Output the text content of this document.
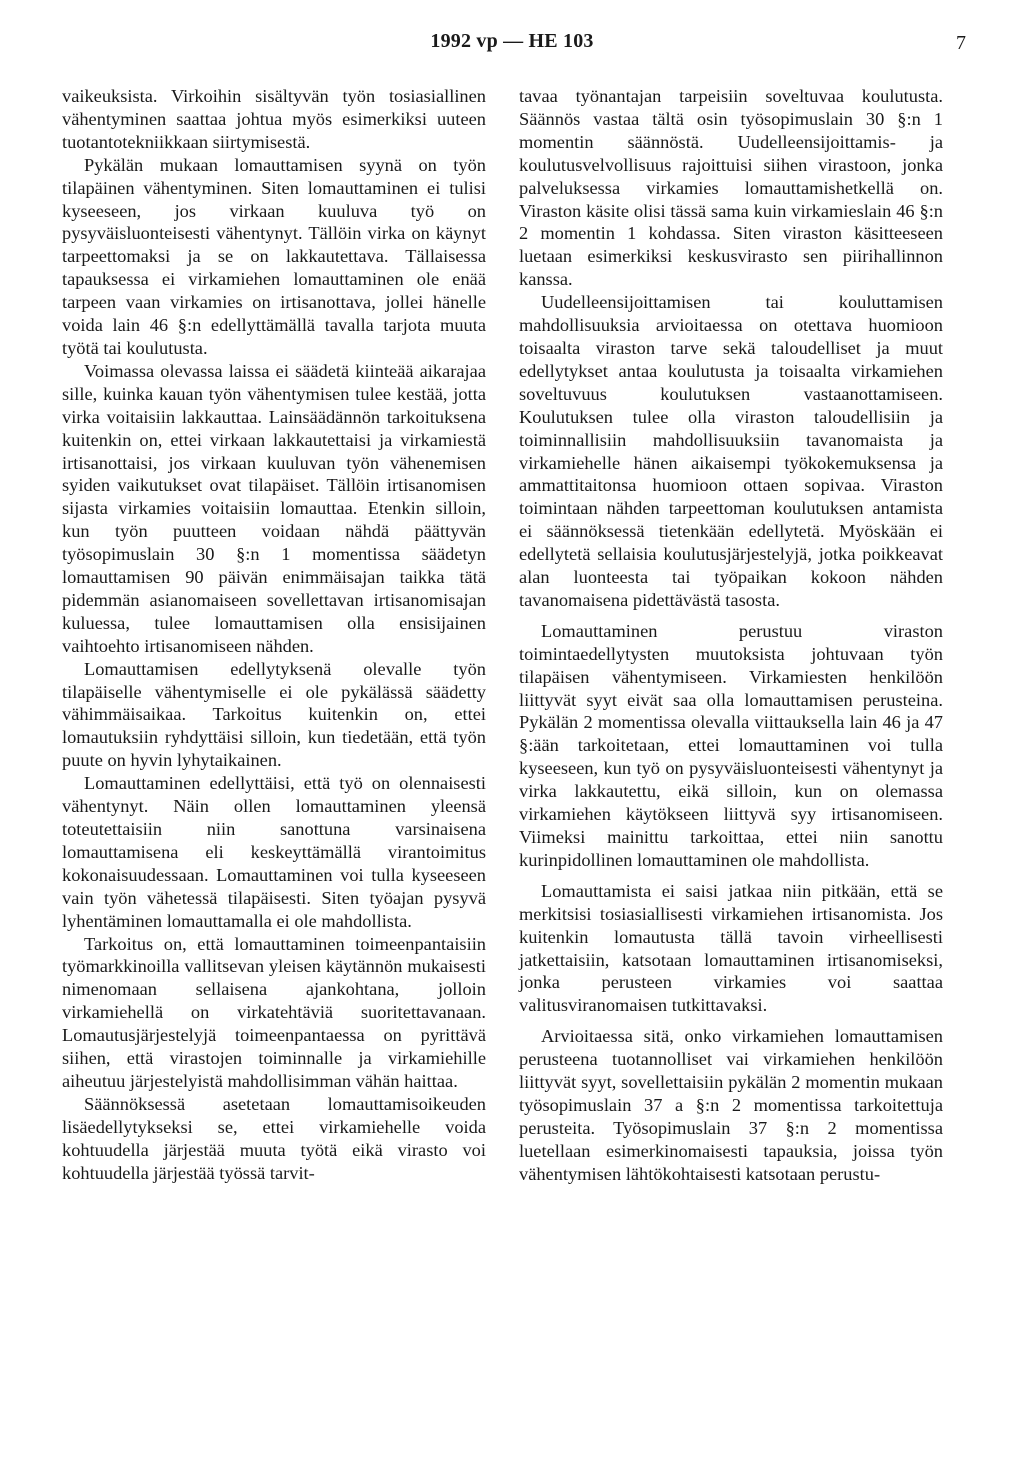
1992 vp — HE 103	7

vaikeuksista. Virkoihin sisältyvän työn tosiasiallinen vähentyminen saattaa johtua myös esimerkiksi uuteen tuotantotekniikkaan siirtymisestä.

Pykälän mukaan lomauttamisen syynä on työn tilapäinen vähentyminen. Siten lomauttaminen ei tulisi kyseeseen, jos virkaan kuuluva työ on pysyväisluonteisesti vähentynyt. Tällöin virka on käynyt tarpeettomaksi ja se on lakkautettava. Tällaisessa tapauksessa ei virkamiehen lomauttaminen ole enää tarpeen vaan virkamies on irtisanottava, jollei hänelle voida lain 46 §:n edellyttämällä tavalla tarjota muuta työtä tai koulutusta.

Voimassa olevassa laissa ei säädetä kiinteää aikarajaa sille, kuinka kauan työn vähentymisen tulee kestää, jotta virka voitaisiin lakkauttaa. Lainsäädännön tarkoituksena kuitenkin on, ettei virkaan lakkautettaisi ja virkamiestä irtisanottaisi, jos virkaan kuuluvan työn vähenemisen syiden vaikutukset ovat tilapäiset. Tällöin irtisanomisen sijasta virkamies voitaisiin lomauttaa. Etenkin silloin, kun työn puutteen voidaan nähdä päättyvän työsopimuslain 30 §:n 1 momentissa säädetyn lomauttamisen 90 päivän enimmäisajan taikka tätä pidemmän asianomaiseen sovellettavan irtisanomisajan kuluessa, tulee lomauttamisen olla ensisijainen vaihtoehto irtisanomiseen nähden.

Lomauttamisen edellytyksenä olevalle työn tilapäiselle vähentymiselle ei ole pykälässä säädetty vähimmäisaikaa. Tarkoitus kuitenkin on, ettei lomautuksiin ryhdyttäisi silloin, kun tiedetään, että työn puute on hyvin lyhytaikainen.

Lomauttaminen edellyttäisi, että työ on olennaisesti vähentynyt. Näin ollen lomauttaminen yleensä toteutettaisiin niin sanottuna varsinaisena lomauttamisena eli keskeyttämällä virantoimitus kokonaisuudessaan. Lomauttaminen voi tulla kyseeseen vain työn vähetessä tilapäisesti. Siten työajan pysyvä lyhentäminen lomauttamalla ei ole mahdollista.

Tarkoitus on, että lomauttaminen toimeenpantaisiin työmarkkinoilla vallitsevan yleisen käytännön mukaisesti nimenomaan sellaisena ajankohtana, jolloin virkamiehellä on virkatehtäviä suoritettavanaan. Lomautusjärjestelyjä toimeenpantaessa on pyrittävä siihen, että virastojen toiminnalle ja virkamiehille aiheutuu järjestelyistä mahdollisimman vähän haittaa.

Säännöksessä asetetaan lomauttamisoikeuden lisäedellytykseksi se, ettei virkamiehelle voida kohtuudella järjestää muuta työtä eikä virasto voi kohtuudella järjestää työssä tarvit-

tavaa työnantajan tarpeisiin soveltuvaa koulutusta. Säännös vastaa tältä osin työsopimuslain 30 §:n 1 momentin säännöstä. Uudelleensijoittamis- ja koulutusvelvollisuus rajoittuisi siihen virastoon, jonka palveluksessa virkamies lomauttamishetkellä on. Viraston käsite olisi tässä sama kuin virkamieslain 46 §:n 2 momentin 1 kohdassa. Siten viraston käsitteeseen luetaan esimerkiksi keskusvirasto sen piirihallinnon kanssa.

Uudelleensijoittamisen tai kouluttamisen mahdollisuuksia arvioitaessa on otettava huomioon toisaalta viraston tarve sekä taloudelliset ja muut edellytykset antaa koulutusta ja toisaalta virkamiehen soveltuvuus koulutuksen vastaanottamiseen. Koulutuksen tulee olla viraston taloudellisiin ja toiminnallisiin mahdollisuuksiin tavanomaista ja virkamiehelle hänen aikaisempi työkokemuksensa ja ammattitaitonsa huomioon ottaen sopivaa. Viraston toimintaan nähden tarpeettoman koulutuksen antamista ei säännöksessä tietenkään edellytetä. Myöskään ei edellytetä sellaisia koulutusjärjestelyjä, jotka poikkeavat alan luonteesta tai työpaikan kokoon nähden tavanomaisena pidettävästä tasosta.

Lomauttaminen perustuu viraston toimintaedellytysten muutoksista johtuvaan työn tilapäisen vähentymiseen. Virkamiesten henkilöön liittyvät syyt eivät saa olla lomauttamisen perusteina. Pykälän 2 momentissa olevalla viittauksella lain 46 ja 47 §:ään tarkoitetaan, ettei lomauttaminen voi tulla kyseeseen, kun työ on pysyväisluonteisesti vähentynyt ja virka lakkautettu, eikä silloin, kun on olemassa virkamiehen käytökseen liittyvä syy irtisanomiseen. Viimeksi mainittu tarkoittaa, ettei niin sanottu kurinpidollinen lomauttaminen ole mahdollista.

Lomauttamista ei saisi jatkaa niin pitkään, että se merkitsisi tosiasiallisesti virkamiehen irtisanomista. Jos kuitenkin lomautusta tällä tavoin virheellisesti jatkettaisiin, katsotaan lomauttaminen irtisanomiseksi, jonka perusteen virkamies voi saattaa valitusviranomaisen tutkittavaksi.

Arvioitaessa sitä, onko virkamiehen lomauttamisen perusteena tuotannolliset vai virkamiehen henkilöön liittyvät syyt, sovellettaisiin pykälän 2 momentin mukaan työsopimuslain 37 a §:n 2 momentissa tarkoitettuja perusteita. Työsopimuslain 37 §:n 2 momentissa luetellaan esimerkinomaisesti tapauksia, joissa työn vähentymisen lähtökohtaisesti katsotaan perustu-
